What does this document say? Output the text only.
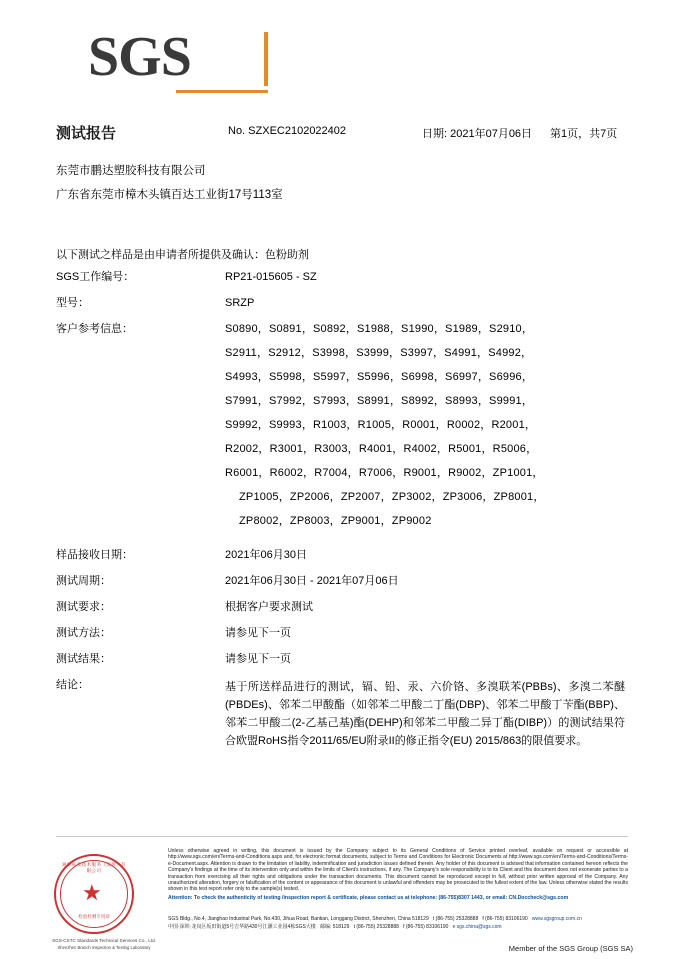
SGS
测试报告	No. SZXEC2102022402	日期: 2021年07月06日 第1页，共7页
东莞市鹏达塑胶科技有限公司
广东省东莞市樟木头镇百达工业街17号113室
以下测试之样品是由申请者所提供及确认：色粉助剂
SGS工作编号：	RP21-015605 - SZ
型号：	SRZP
客户参考信息：	S0890，S0891，S0892，S1988，S1990，S1989，S2910，
S2911，S2912，S3998，S3999，S3997，S4991，S4992，
S4993，S5998，S5997，S5996，S6998，S6997，S6996，
S7991，S7992，S7993，S8991，S8992，S8993，S9991，
S9992，S9993，R1003，R1005，R0001，R0002，R2001，
R2002，R3001，R3003，R4001，R4002，R5001，R5006，
R6001，R6002，R7004，R7006，R9001，R9002，ZP1001，
ZP1005，ZP2006，ZP2007，ZP3002，ZP3006，ZP8001，
ZP8002，ZP8003，ZP9001，ZP9002
样品接收日期：	2021年06月30日
测试周期：	2021年06月30日 - 2021年07月06日
测试要求：	根据客户要求测试
测试方法：	请参见下一页
测试结果：	请参见下一页
结论：	基于所送样品进行的测试，镉、铅、汞、六价铬、多溴联苯(PBBs)、多溴二苯醚(PBDEs)、邻苯二甲酸酯（如邻苯二甲酸二丁酯(DBP)、邻苯二甲酸丁苄酯(BBP)、邻苯二甲酸二(2-乙基己基)酯(DEHP)和邻苯二甲酸二异丁酯(DIBP)）的测试结果符合欧盟RoHS指令2011/65/EU附录II的修正指令(EU) 2015/863的限值要求。
通标标准技术服务（深圳）有限公司
★
检验检测专用章
SGS-CSTC Standards Technical Services Co., Ltd.
Shenzhen Branch Inspection & Testing Laboratory
Unless otherwise agreed in writing, this document is issued by the Company subject to its General Conditions of Service printed overleaf, available on request or accessible at http://www.sgs.com/en/Terms-and-Conditions.aspx and, for electronic format documents, subject to Terms and Conditions for Electronic Documents at http://www.sgs.com/en/Terms-and-Conditions/Terms-e-Document.aspx. Attention is drawn to the limitation of liability, indemnification and jurisdiction issues defined therein. Any holder of this document is advised that information contained hereon reflects the Company's findings at the time of its intervention only and within the limits of Client's instructions, if any. The Company's sole responsibility is to its Client and this document does not exonerate parties to a transaction from exercising all their rights and obligations under the transaction documents. This document cannot be reproduced except in full, without prior written approval of the Company. Any unauthorized alteration, forgery or falsification of the content or appearance of this document is unlawful and offenders may be prosecuted to the fullest extent of the law. Unless otherwise stated the results shown in this test report refer only to the sample(s) tested.
Attention: To check the authenticity of testing /inspection report & certificate, please contact us at telephone: (86-755)8307 1443, or email: CN.Doccheck@sgs.com
SGS Bldg., No.4, Jianghao Industrial Park, No.430, Jihua Road, Bantian, Longgang District, Shenzhen, China 518129 t (86-755) 25328888 f (86-755) 83106190 www.sgsgroup.com.cn
中国·深圳·龙岗区坂田街道5号吉华路430号江灏工业园4栋SGS大楼 邮编: 518129 t (86-755) 25328888 f (86-755) 83106190 e sgs.china@sgs.com
Member of the SGS Group (SGS SA)
